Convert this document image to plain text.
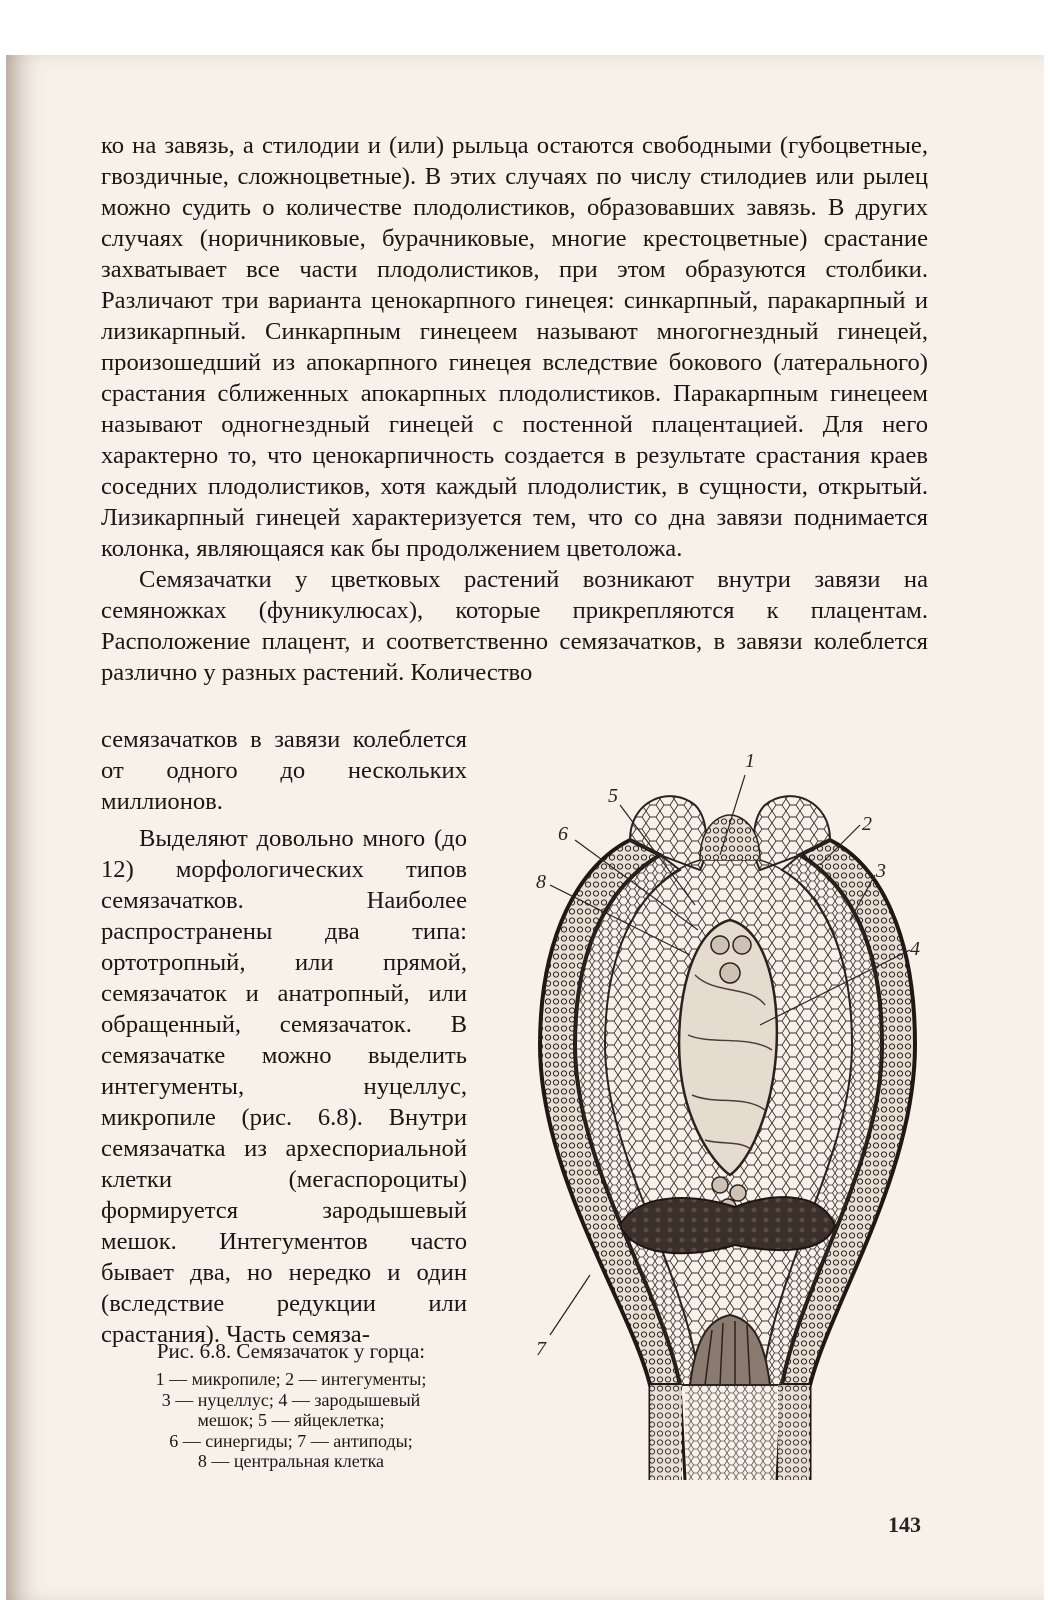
ко на завязь, а стилодии и (или) рыльца остаются свободными (губоцветные, гвоздичные, сложноцветные). В этих случаях по числу стилодиев или рылец можно судить о количестве плодолистиков, образовавших завязь. В других случаях (норичниковые, бурачниковые, многие крестоцветные) срастание захватывает все части плодолистиков, при этом образуются столбики. Различают три варианта ценокарпного гинецея: синкарпный, паракарпный и лизикарпный. Синкарпным гинецеем называют многогнездный гинецей, произошедший из апокарпного гинецея вследствие бокового (латерального) срастания сближенных апокарпных плодолистиков. Паракарпным гинецеем называют одногнездный гинецей с постенной плацентацией. Для него характерно то, что ценокарпичность создается в результате срастания краев соседних плодолистиков, хотя каждый плодолистик, в сущности, открытый. Лизикарпный гинецей характеризуется тем, что со дна завязи поднимается колонка, являющаяся как бы продолжением цветоложа.

Семязачатки у цветковых растений возникают внутри завязи на семяножках (фуникулюсах), которые прикрепляются к плацентам. Расположение плацент, и соответственно семязачатков, в завязи колеблется различно у разных растений. Количество

семязачатков в завязи колеблется от одного до нескольких миллионов.

Выделяют довольно много (до 12) морфологических типов семязачатков. Наиболее распространены два типа: ортотропный, или прямой, семязачаток и анатропный, или обращенный, семязачаток. В семязачатке можно выделить интегументы, нуцеллус, микропиле (рис. 6.8). Внутри семязачатка из археспориальной клетки (мегаспороциты) формируется зародышевый мешок. Интегументов часто бывает два, но нередко и один (вследствие редукции или срастания). Часть семяза-

Рис. 6.8. Семязачаток у горца:
1 — микропиле; 2 — интегументы;
3 — нуцеллус; 4 — зародышевый
мешок; 5 — яйцеклетка;
6 — синергиды; 7 — антиподы;
8 — центральная клетка
1
2
3
4
5
6
7
8
143
